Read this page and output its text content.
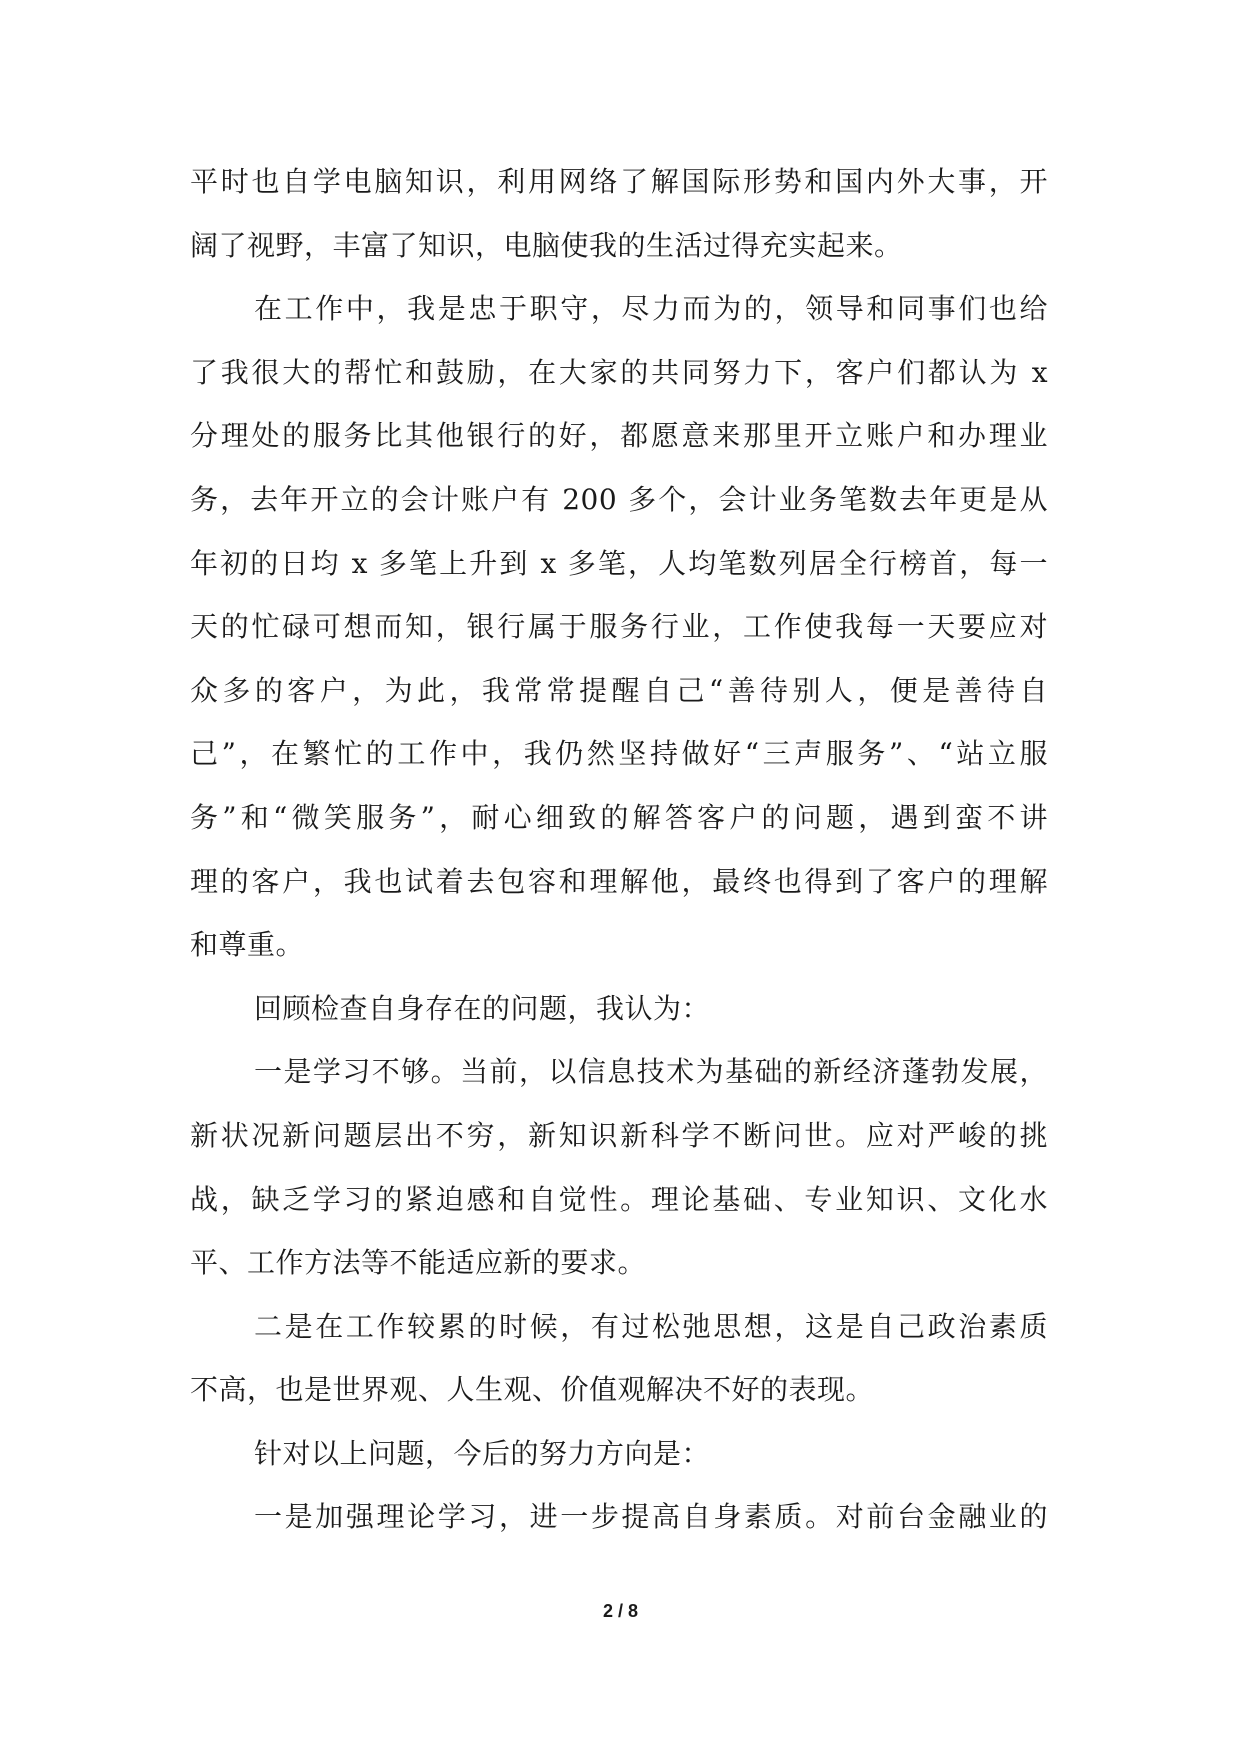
平时也自学电脑知识，利用网络了解国际形势和国内外大事，开
阔了视野，丰富了知识，电脑使我的生活过得充实起来。
在工作中，我是忠于职守，尽力而为的，领导和同事们也给
了我很大的帮忙和鼓励，在大家的共同努力下，客户们都认为 x
分理处的服务比其他银行的好，都愿意来那里开立账户和办理业
务，去年开立的会计账户有 200 多个，会计业务笔数去年更是从
年初的日均 x 多笔上升到 x 多笔，人均笔数列居全行榜首，每一
天的忙碌可想而知，银行属于服务行业，工作使我每一天要应对
众多的客户，为此，我常常提醒自己“善待别人，便是善待自
己”，在繁忙的工作中，我仍然坚持做好“三声服务”、“站立服
务”和“微笑服务”，耐心细致的解答客户的问题，遇到蛮不讲
理的客户，我也试着去包容和理解他，最终也得到了客户的理解
和尊重。
回顾检查自身存在的问题，我认为：
一是学习不够。当前，以信息技术为基础的新经济蓬勃发展，
新状况新问题层出不穷，新知识新科学不断问世。应对严峻的挑
战，缺乏学习的紧迫感和自觉性。理论基础、专业知识、文化水
平、工作方法等不能适应新的要求。
二是在工作较累的时候，有过松弛思想，这是自己政治素质
不高，也是世界观、人生观、价值观解决不好的表现。
针对以上问题，今后的努力方向是：
一是加强理论学习，进一步提高自身素质。对前台金融业的
2 / 8
